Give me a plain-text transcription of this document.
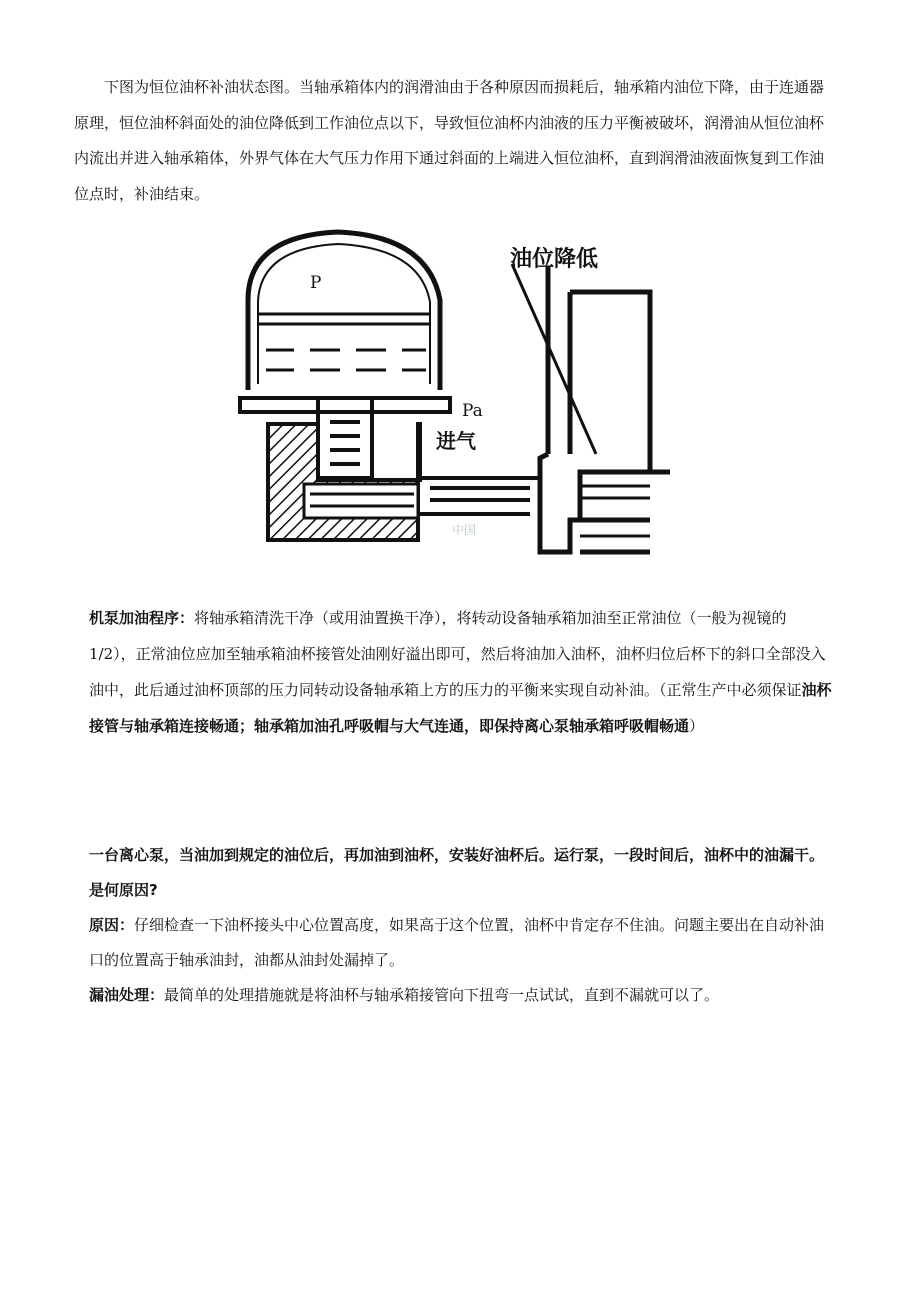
下图为恒位油杯补油状态图。当轴承箱体内的润滑油由于各种原因而损耗后，轴承箱内油位下降，由于连通器原理，恒位油杯斜面处的油位降低到工作油位点以下，导致恒位油杯内油液的压力平衡被破坏，润滑油从恒位油杯内流出并进入轴承箱体，外界气体在大气压力作用下通过斜面的上端进入恒位油杯，直到润滑油液面恢复到工作油位点时，补油结束。

P
Pa
进气
油位降低
中国

机泵加油程序：将轴承箱清洗干净（或用油置换干净），将转动设备轴承箱加油至正常油位（一般为视镜的 1/2），正常油位应加至轴承箱油杯接管处油刚好溢出即可，然后将油加入油杯，油杯归位后杯下的斜口全部没入油中，此后通过油杯顶部的压力同转动设备轴承箱上方的压力的平衡来实现自动补油。（正常生产中必须保证油杯接管与轴承箱连接畅通；轴承箱加油孔呼吸帽与大气连通，即保持离心泵轴承箱呼吸帽畅通）

一台离心泵，当油加到规定的油位后，再加油到油杯，安装好油杯后。运行泵，一段时间后，油杯中的油漏干。是何原因?
原因：仔细检查一下油杯接头中心位置高度，如果高于这个位置，油杯中肯定存不住油。问题主要出在自动补油口的位置高于轴承油封，油都从油封处漏掉了。
漏油处理：最简单的处理措施就是将油杯与轴承箱接管向下扭弯一点试试，直到不漏就可以了。
